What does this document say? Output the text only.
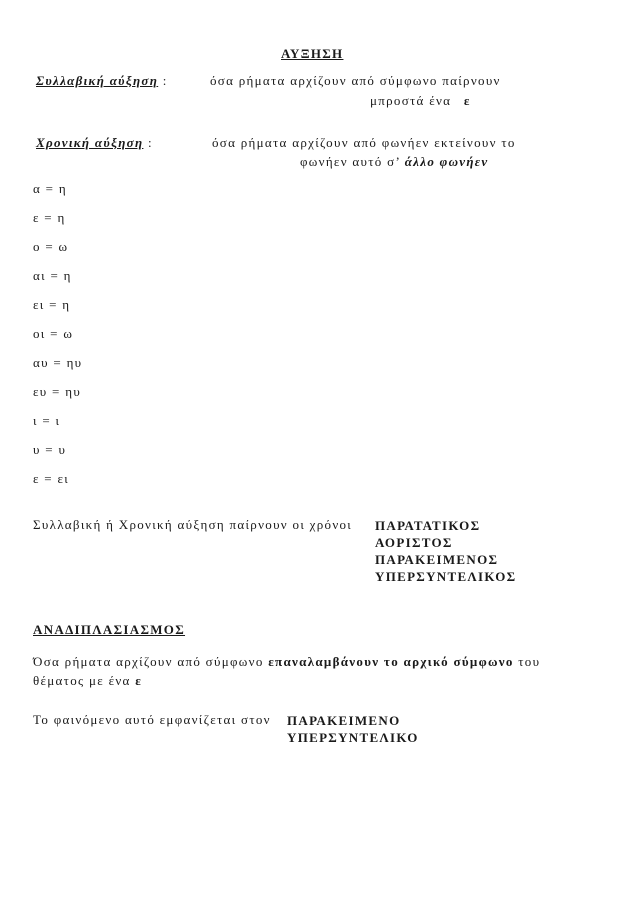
ΑΥΞΗΣΗ
Συλλαβική αύξηση :	όσα ρήματα αρχίζουν από σύμφωνο παίρνουν
μπροστά ένα ε
Χρονική αύξηση :	όσα ρήματα αρχίζουν από φωνήεν εκτείνουν το
φωνήεν αυτό σ’ άλλο φωνήεν
α = η
ε = η
ο = ω
αι = η
ει = η
οι = ω
αυ = ηυ
ευ = ηυ
ι = ι
υ = υ
ε = ει
Συλλαβική ή Χρονική αύξηση παίρνουν οι χρόνοι ΠΑΡΑΤΑΤΙΚΟΣ
ΑΟΡΙΣΤΟΣ
ΠΑΡΑΚΕΙΜΕΝΟΣ
ΥΠΕΡΣΥΝΤΕΛΙΚΟΣ
ΑΝΑΔΙΠΛΑΣΙΑΣΜΟΣ
Όσα ρήματα αρχίζουν από σύμφωνο επαναλαμβάνουν το αρχικό σύμφωνο του
θέματος με ένα ε
Το φαινόμενο αυτό εμφανίζεται στον ΠΑΡΑΚΕΙΜΕΝΟ
ΥΠΕΡΣΥΝΤΕΛΙΚΟ
